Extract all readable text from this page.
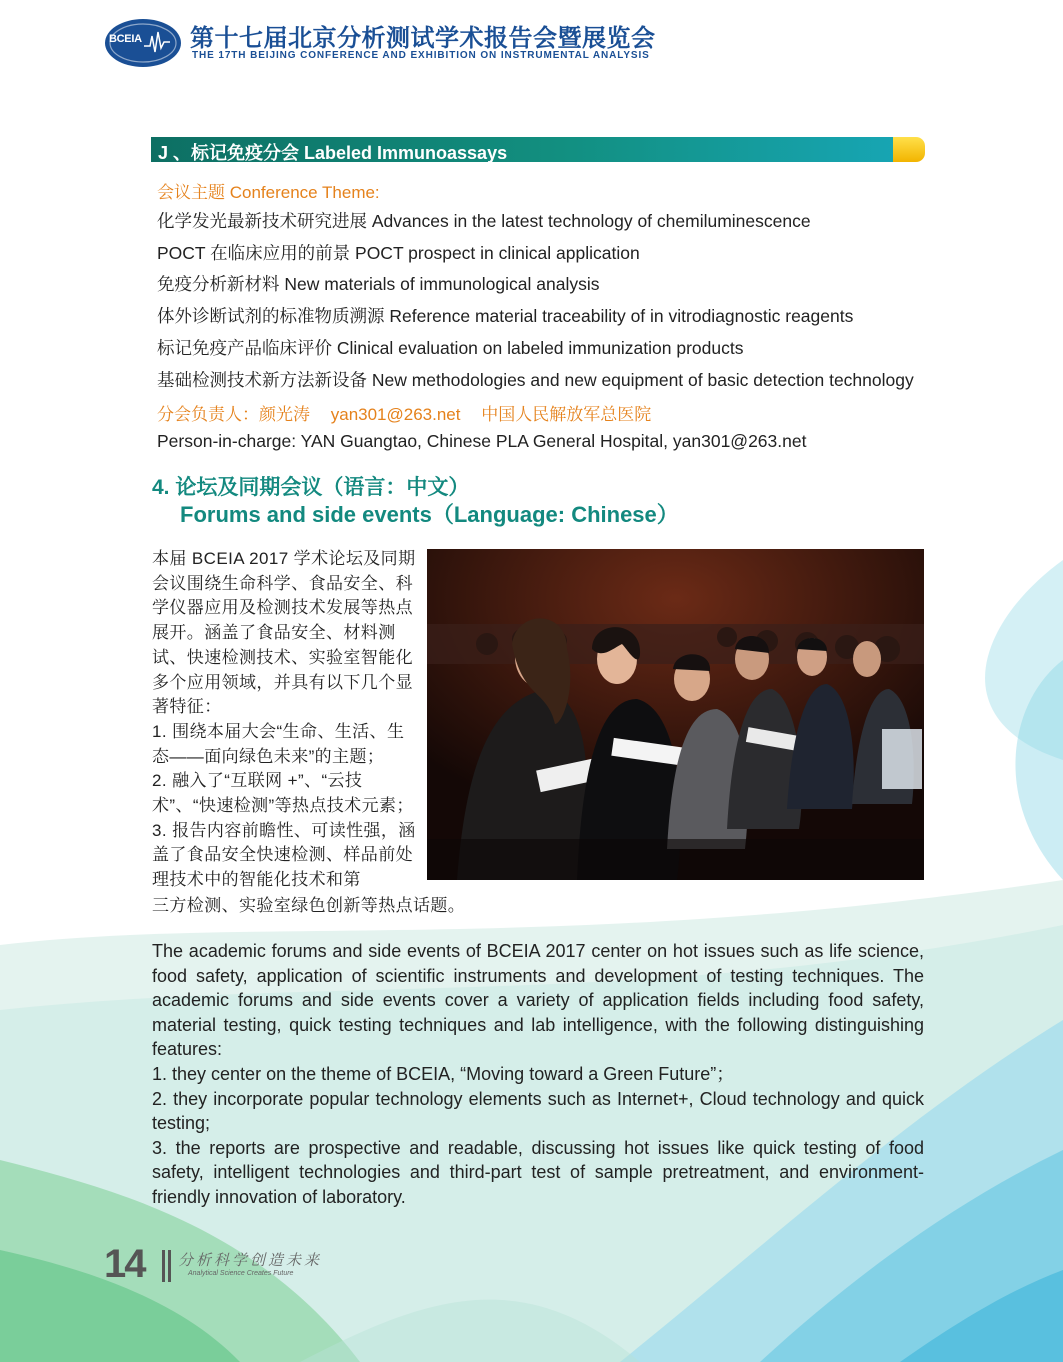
BCEIA 第十七届北京分析测试学术报告会暨展览会
THE 17TH BEIJING CONFERENCE AND EXHIBITION ON INSTRUMENTAL ANALYSIS
J 、标记免疫分会 Labeled Immunoassays
会议主题 Conference Theme:
化学发光最新技术研究进展 Advances in the latest technology of chemiluminescence
POCT 在临床应用的前景 POCT prospect in clinical application
免疫分析新材料 New materials of immunological analysis
体外诊断试剂的标准物质溯源 Reference material traceability of in vitrodiagnostic reagents
标记免疫产品临床评价 Clinical evaluation on labeled immunization products
基础检测技术新方法新设备 New methodologies and new equipment of basic detection technology
分会负责人：颜光涛 yan301@263.net 中国人民解放军总医院
Person-in-charge: YAN Guangtao, Chinese PLA General Hospital, yan301@263.net
4. 论坛及同期会议（语言：中文）
Forums and side events（Language: Chinese）
本届 BCEIA 2017 学术论坛及同期会议围绕生命科学、食品安全、科学仪器应用及检测技术发展等热点展开。涵盖了食品安全、材料测试、快速检测技术、实验室智能化多个应用领域，并具有以下几个显著特征：
1. 围绕本届大会“生命、生活、生态——面向绿色未来”的主题；
2. 融入了“互联网 +”、“云技术”、“快速检测”等热点技术元素；
3. 报告内容前瞻性、可读性强，涵盖了食品安全快速检测、样品前处理技术中的智能化技术和第
三方检测、实验室绿色创新等热点话题。
The academic forums and side events of BCEIA 2017 center on hot issues such as life science, food safety, application of scientific instruments and development of testing techniques. The academic forums and side events cover a variety of application fields including food safety, material testing, quick testing techniques and lab intelligence, with the following distinguishing features:
1. they center on the theme of BCEIA, “Moving toward a Green Future”；
2. they incorporate popular technology elements such as Internet+, Cloud technology and quick testing;
3. the reports are prospective and readable, discussing hot issues like quick testing of food safety, intelligent technologies and third-part test of sample pretreatment, and environment-friendly innovation of laboratory.
14 分析科学创造未来
Analytical Science Creates Future
